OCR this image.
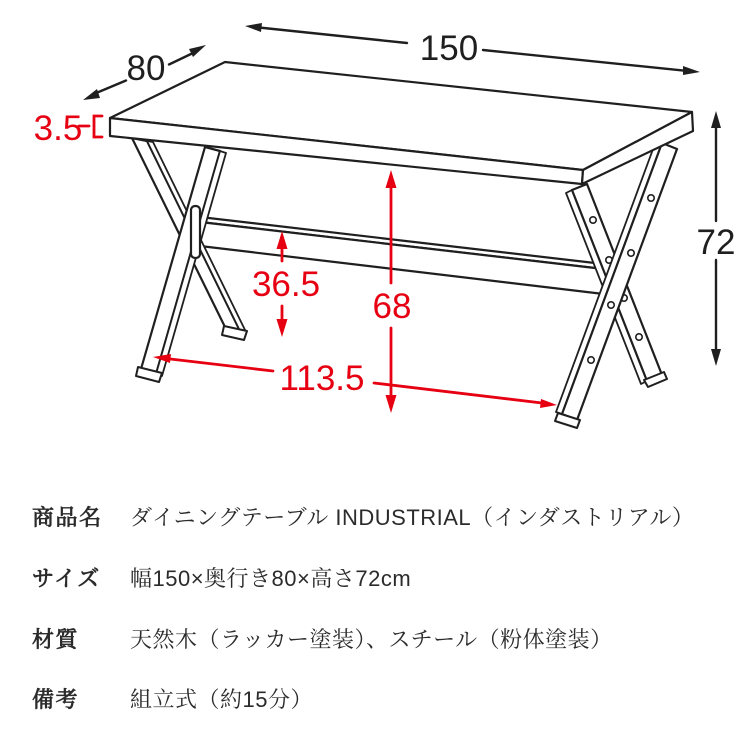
150
80
72
3.5
68
36.5
113.5
商品名 ダイニングテーブル INDUSTRIAL（インダストリアル）
サイズ 幅150×奥行き80×高さ72cm
材質 天然木（ラッカー塗装）、スチール（粉体塗装）
備考 組立式（約15分）
